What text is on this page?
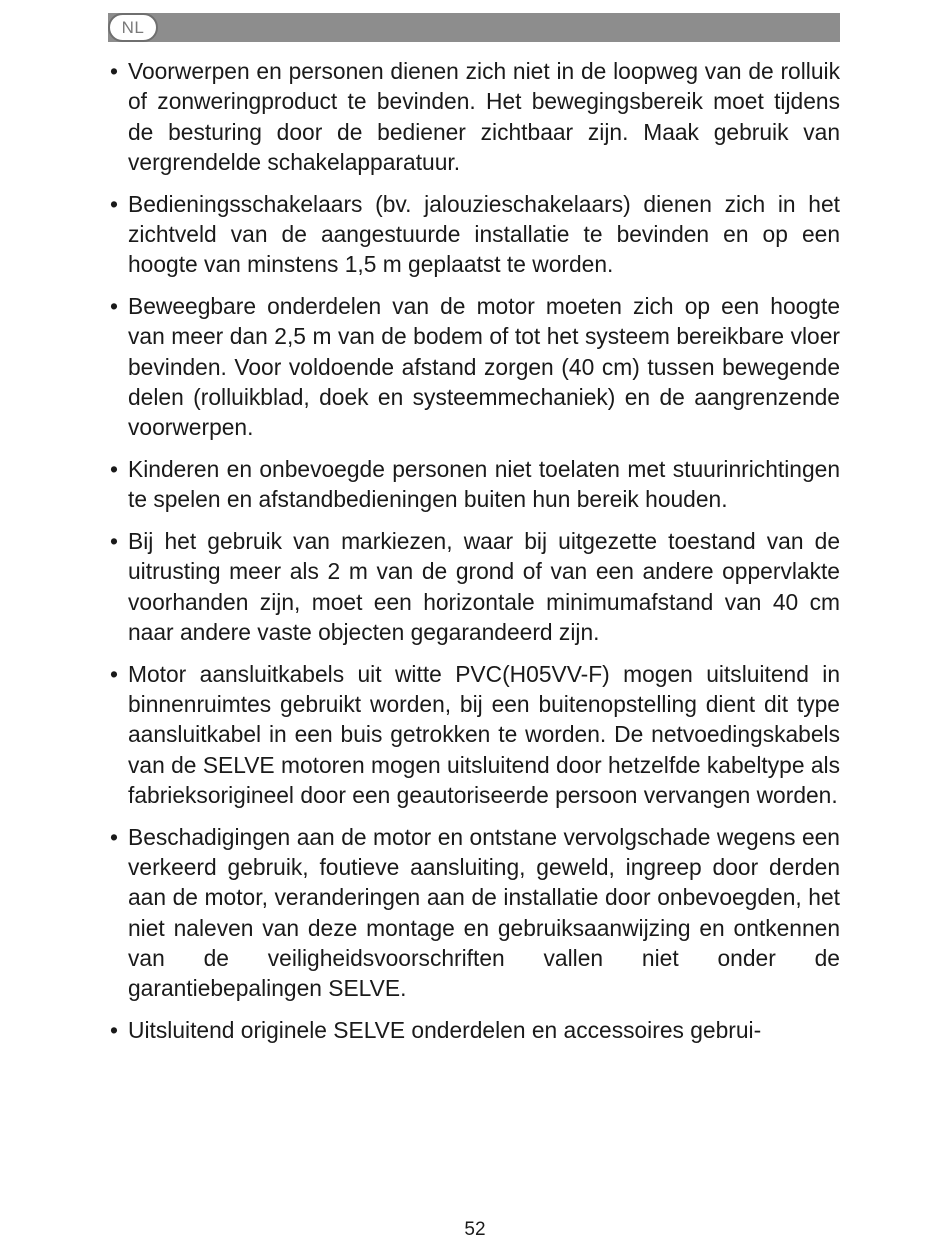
NL
• Voorwerpen en personen dienen zich niet in de loopweg van de rolluik of zonweringproduct te bevinden. Het bewegingsbereik moet tijdens de besturing door de bediener zichtbaar zijn. Maak gebruik van vergrendelde schakelapparatuur.
• Bedieningsschakelaars (bv. jalouzieschakelaars) dienen zich in het zichtveld van de aangestuurde installatie te bevinden en op een hoogte van minstens 1,5 m geplaatst te worden.
• Beweegbare onderdelen van de motor moeten zich op een hoogte van meer dan 2,5 m van de bodem of tot het systeem bereikbare vloer bevinden. Voor voldoende afstand zorgen (40 cm) tussen bewegende delen (rolluikblad, doek en systeemmechaniek) en de aangrenzende voorwerpen.
• Kinderen en onbevoegde personen niet toelaten met stuurinrichtingen te spelen en afstandbedieningen buiten hun bereik houden.
• Bij het gebruik van markiezen, waar bij uitgezette toestand van de uitrusting meer als 2 m van de grond of van een andere oppervlakte voorhanden zijn, moet een horizontale minimumafstand van 40 cm naar andere vaste objecten gegarandeerd zijn.
• Motor aansluitkabels uit witte PVC(H05VV-F) mogen uitsluitend in binnenruimtes gebruikt worden, bij een buitenopstelling dient dit type aansluitkabel in een buis getrokken te worden. De netvoedingskabels van de SELVE motoren mogen uitsluitend door hetzelfde kabeltype als fabrieksorigineel door een geautoriseerde persoon vervangen worden.
• Beschadigingen aan de motor en ontstane vervolgschade wegens een verkeerd gebruik, foutieve aansluiting, geweld, ingreep door derden aan de motor, veranderingen aan de installatie door onbevoegden, het niet naleven van deze montage en gebruiksaanwijzing en ontkennen van de veiligheidsvoorschriften vallen niet onder de garantiebepalingen SELVE.
• Uitsluitend originele SELVE onderdelen en accessoires gebrui-
52
